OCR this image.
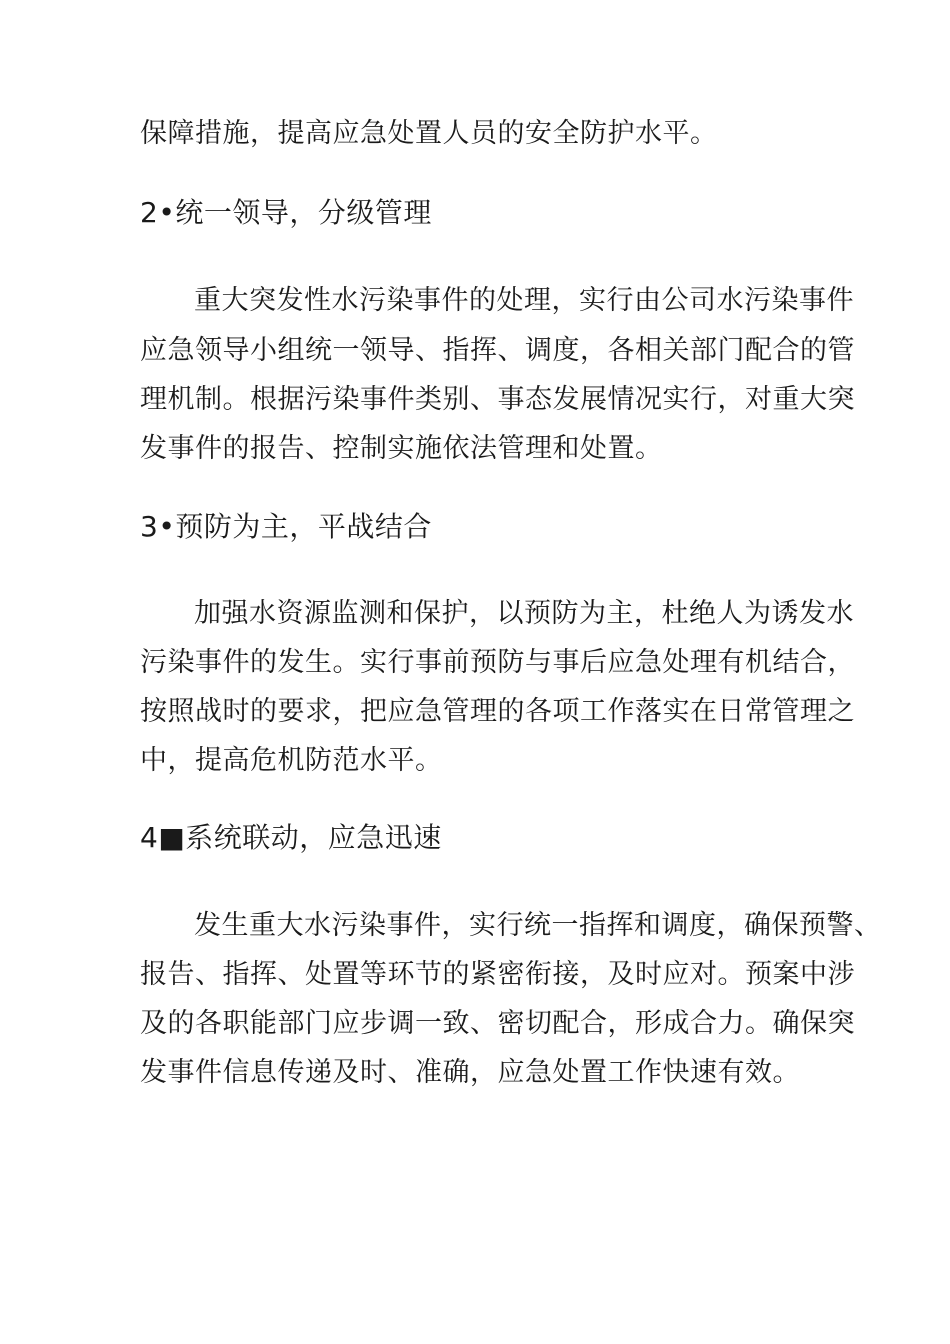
保障措施，提高应急处置人员的安全防护水平。
2•统一领导，分级管理
重大突发性水污染事件的处理，实行由公司水污染事件
应急领导小组统一领导、指挥、调度，各相关部门配合的管
理机制。根据污染事件类别、事态发展情况实行，对重大突
发事件的报告、控制实施依法管理和处置。
3•预防为主，平战结合
加强水资源监测和保护，以预防为主，杜绝人为诱发水
污染事件的发生。实行事前预防与事后应急处理有机结合，
按照战时的要求，把应急管理的各项工作落实在日常管理之
中，提高危机防范水平。
4■系统联动，应急迅速
发生重大水污染事件，实行统一指挥和调度，确保预警、
报告、指挥、处置等环节的紧密衔接，及时应对。预案中涉
及的各职能部门应步调一致、密切配合，形成合力。确保突
发事件信息传递及时、准确，应急处置工作快速有效。
